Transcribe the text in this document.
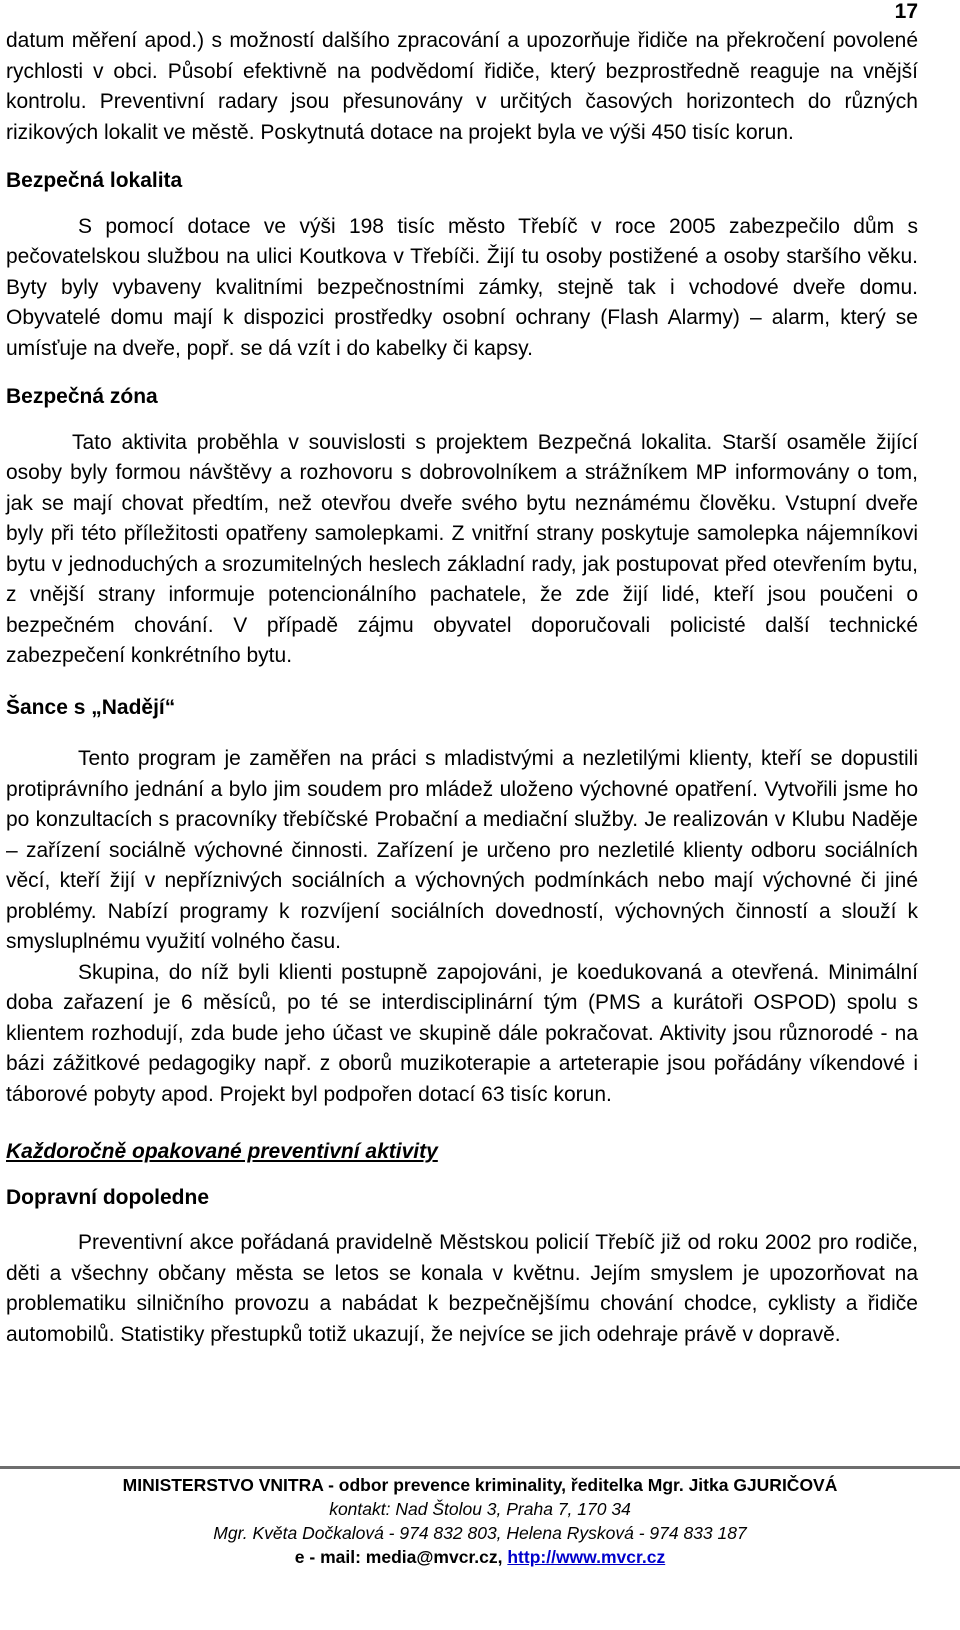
17

datum měření apod.) s možností dalšího zpracování a upozorňuje řidiče na překročení povolené rychlosti v obci. Působí efektivně na podvědomí řidiče, který bezprostředně reaguje na vnější kontrolu. Preventivní radary jsou přesunovány v určitých časových horizontech do různých rizikových lokalit ve městě. Poskytnutá dotace na projekt byla ve výši 450 tisíc korun.

Bezpečná lokalita

S pomocí dotace ve výši 198 tisíc město Třebíč v roce 2005 zabezpečilo dům s pečovatelskou službou na ulici Koutkova v Třebíči. Žijí tu osoby postižené a osoby staršího věku. Byty byly vybaveny kvalitními bezpečnostními zámky, stejně tak i vchodové dveře domu. Obyvatelé domu mají k dispozici prostředky osobní ochrany (Flash Alarmy) – alarm, který se umísťuje na dveře, popř. se dá vzít i do kabelky či kapsy.

Bezpečná zóna

Tato aktivita proběhla v souvislosti s projektem Bezpečná lokalita. Starší osaměle žijící osoby byly formou návštěvy a rozhovoru s dobrovolníkem a strážníkem MP informovány o tom, jak se mají chovat předtím, než otevřou dveře svého bytu neznámému člověku. Vstupní dveře byly při této příležitosti opatřeny samolepkami. Z vnitřní strany poskytuje samolepka nájemníkovi bytu v jednoduchých a srozumitelných heslech základní rady, jak postupovat před otevřením bytu, z vnější strany informuje potencionálního pachatele, že zde žijí lidé, kteří jsou poučeni o bezpečném chování. V případě zájmu obyvatel doporučovali policisté další technické zabezpečení konkrétního bytu.

Šance s „Nadějí“

Tento program je zaměřen na práci s mladistvými a nezletilými klienty, kteří se dopustili protiprávního jednání a bylo jim soudem pro mládež uloženo výchovné opatření. Vytvořili jsme ho po konzultacích s pracovníky třebíčské Probační a mediační služby. Je realizován v Klubu Naděje – zařízení sociálně výchovné činnosti. Zařízení je určeno pro nezletilé klienty odboru sociálních věcí, kteří žijí v nepříznivých sociálních a výchovných podmínkách nebo mají výchovné či jiné problémy. Nabízí programy k rozvíjení sociálních dovedností, výchovných činností a slouží k smysluplnému využití volného času.

Skupina, do níž byli klienti postupně zapojováni, je koedukovaná a otevřená. Minimální doba zařazení je 6 měsíců, po té se interdisciplinární tým (PMS a kurátoři OSPOD) spolu s klientem rozhodují, zda bude jeho účast ve skupině dále pokračovat. Aktivity jsou různorodé - na bázi zážitkové pedagogiky např. z oborů muzikoterapie a arteterapie jsou pořádány víkendové i táborové pobyty apod. Projekt byl podpořen dotací 63 tisíc korun.

Každoročně opakované preventivní aktivity
Dopravní dopoledne

Preventivní akce pořádaná pravidelně Městskou policií Třebíč již od roku 2002 pro rodiče, děti a všechny občany města se letos se konala v květnu. Jejím smyslem je upozorňovat na problematiku silničního provozu a nabádat k bezpečnějšímu chování chodce, cyklisty a řidiče automobilů. Statistiky přestupků totiž ukazují, že nejvíce se jich odehraje právě v dopravě.

MINISTERSTVO VNITRA - odbor prevence kriminality, ředitelka Mgr. Jitka GJURIČOVÁ
kontakt: Nad Štolou 3, Praha 7, 170 34
Mgr. Květa Dočkalová - 974 832 803, Helena Rysková - 974 833 187
e - mail: media@mvcr.cz, http://www.mvcr.cz
